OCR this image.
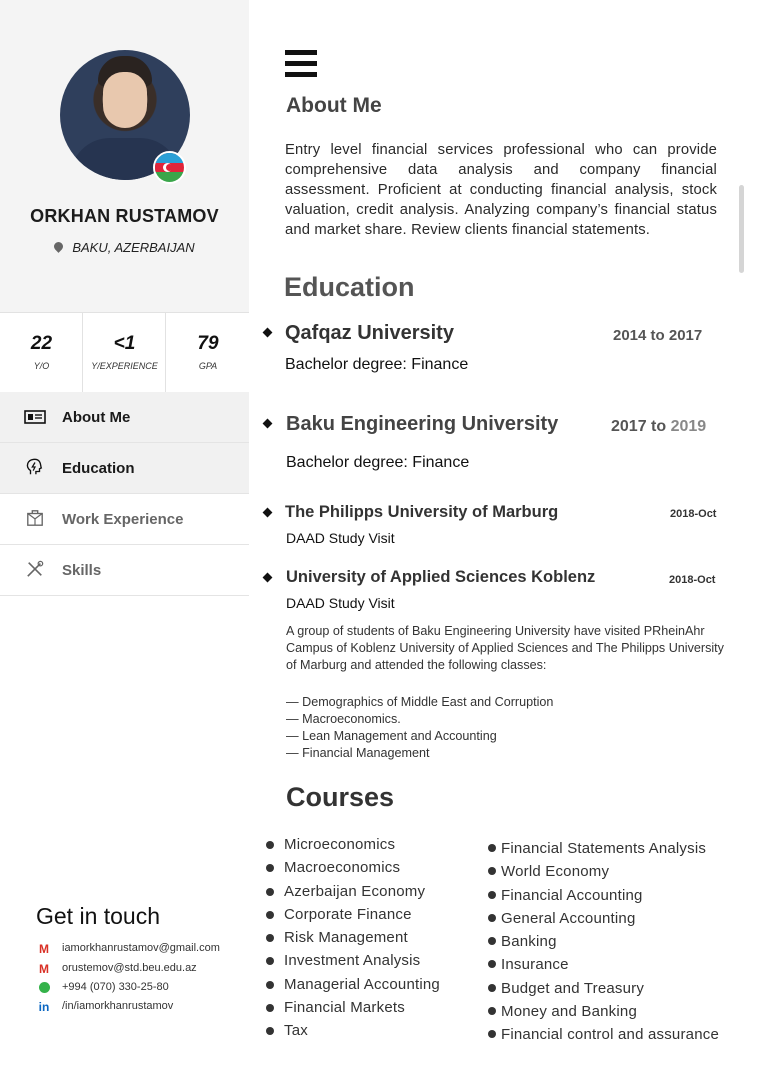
ORKHAN RUSTAMOV
BAKU, AZERBAIJAN
22
Y/O
<1
Y/EXPERIENCE
79
GPA
About Me
Education
Work Experience
Skills
Get in touch
M iamorkhanrustamov@gmail.com
M orustemov@std.beu.edu.az
+994 (070) 330-25-80
in /in/iamorkhanrustamov
About Me
Entry level financial services professional who can provide comprehensive data analysis and company financial assessment. Proficient at conducting financial analysis, stock valuation, credit analysis. Analyzing company’s financial status and market share. Review clients financial statements.
Education
Qafqaz University	2014 to 2017
Bachelor degree: Finance
Baku Engineering University	2017 to 2019
Bachelor degree: Finance
The Philipps University of Marburg	2018-Oct
DAAD Study Visit
University of Applied Sciences Koblenz	2018-Oct
DAAD Study Visit
A group of students of Baku Engineering University have visited PRheinAhr Campus of Koblenz University of Applied Sciences and The Philipps University of Marburg and attended the following classes:
— Demographics of Middle East and Corruption
— Macroeconomics.
— Lean Management and Accounting
— Financial Management
Courses
Microeconomics
Macroeconomics
Azerbaijan Economy
Corporate Finance
Risk Management
Investment Analysis
Managerial Accounting
Financial Markets
Tax
Financial Statements Analysis
World Economy
Financial Accounting
General Accounting
Banking
Insurance
Budget and Treasury
Money and Banking
Financial control and assurance
